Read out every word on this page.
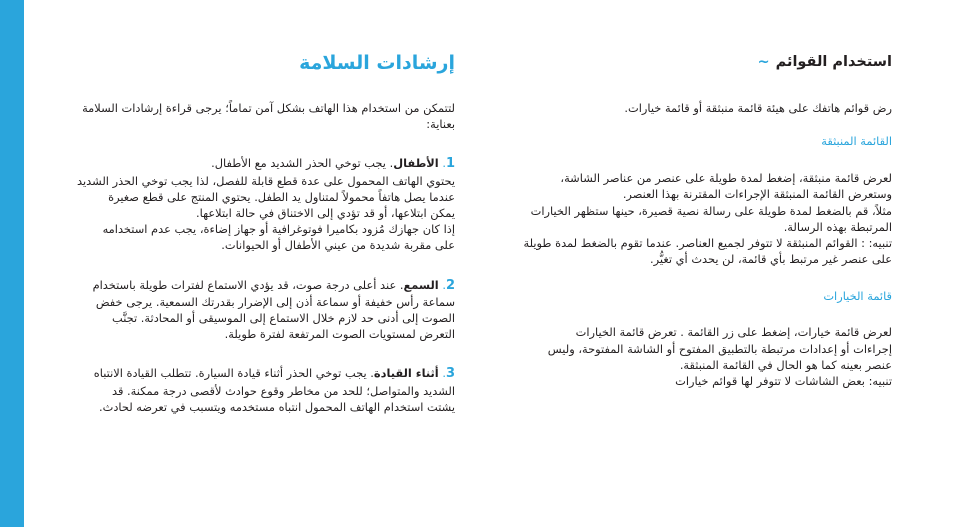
إرشادات السلامة
لتتمكن من استخدام هذا الهاتف بشكل آمن تماماً؛ يرجى قراءة إرشادات السلامة بعناية:
1. الأطفال. يجب توخي الحذر الشديد مع الأطفال.
يحتوي الهاتف المحمول على عدة قطع قابلة للفصل، لذا يجب توخي الحذر الشديد
عندما يصل هاتفاً محمولاً لمتناول يد الطفل. يحتوي المنتج على قطع صغيرة
يمكن ابتلاعها، أو قد تؤدي إلى الاختناق في حالة ابتلاعها.
إذا كان جهازك مُزود بكاميرا فوتوغرافية أو جهاز إضاءة، يجب عدم استخدامه
على مقربة شديدة من عيني الأطفال أو الحيوانات.
2. السمع. عند أعلى درجة صوت، قد يؤدي الاستماع لفترات طويلة باستخدام
سماعة رأس خفيفة أو سماعة أذن إلى الإضرار بقدرتك السمعية. يرجى خفض
الصوت إلى أدنى حد لازم خلال الاستماع إلى الموسيقى أو المحادثة. تجنَّب
التعرض لمستويات الصوت المرتفعة لفترة طويلة.
3. أثناء القيادة. يجب توخي الحذر أثناء قيادة السيارة. تتطلب القيادة الانتباه
الشديد والمتواصل؛ للحد من مخاطر وقوع حوادث لأقصى درجة ممكنة. قد
يشتت استخدام الهاتف المحمول انتباه مستخدمه ويتسبب في تعرضه لحادث.
استخدام القوائم~
رض قوائم هاتفك على هيئة قائمة منبثقة أو قائمة خيارات.
القائمة المنبثقة
لعرض قائمة منبثقة، إضغط لمدة طويلة على عنصر من عناصر الشاشة،
وستعرض القائمة المنبثقة الإجراءات المقترنة بهذا العنصر.
مثلاً، قم بالضغط لمدة طويلة على رسالة نصية قصيرة، حينها ستظهر الخيارات
المرتبطة بهذه الرسالة.
تنبيه: : القوائم المنبثقة لا تتوفر لجميع العناصر. عندما تقوم بالضغط لمدة طويلة
على عنصر غير مرتبط بأي قائمة، لن يحدث أي تغيُّر.
قائمة الخيارات
لعرض قائمة خيارات، إضغط على زر القائمة . تعرض قائمة الخيارات
إجراءات أو إعدادات مرتبطة بالتطبيق المفتوح أو الشاشة المفتوحة، وليس
عنصر بعينه كما هو الحال في القائمة المنبثقة.
تنبيه: بعض الشاشات لا تتوفر لها قوائم خيارات
